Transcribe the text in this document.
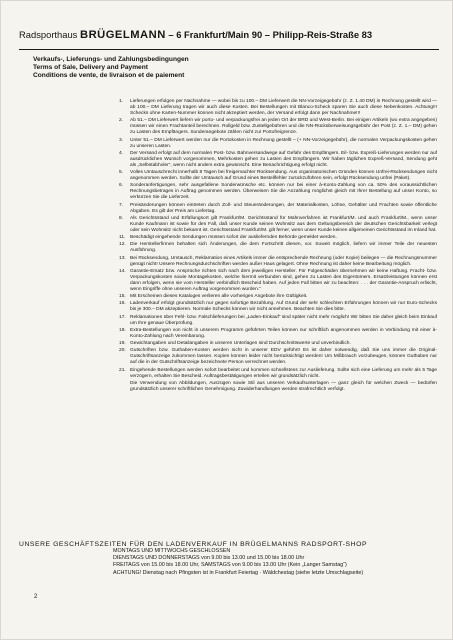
Radsporthaus BRÜGELMANN – 6 Frankfurt/Main 90 – Philipp-Reis-Straße 83
Verkaufs-, Lieferungs- und Zahlungsbedingungen
Terms of Sale, Delivery and Payment
Conditions de vente, de livraison et de paiement
1.	Lieferungen erfolgen per Nachnahme — wobei bis zu 100.– DM Lieferwert die NN-Vorzeigegebühr (z. Z. 1.40 DM) in Rechnung gestellt wird — ab 100.– DM Lieferung tragen wir auch diese Kosten. Bei Bestellungen mit Blanco-Scheck sparen Sie auch diese Nebenkosten. Achtung!!! Schecks ohne Karten-Nummer können nicht akzeptiert werden, der Versand erfolgt dann per Nachnahme!!!
2.	Ab 51.– DM Lieferwert liefern wir porto- und verpackungsfrei an jeden Ort der BRD und West-Berlin. Bei einigen Artikeln (wo extra angegeben) müssen wir einen Frachtanteil berechnen. Rollgeld bzw. Zustellgebühren und die NN-Rücküberweisungsgebühr der Post (z. Z. 1.– DM) gehen zu Lasten des Empfängers. Sonderangebote zählen nicht zur Portofreigrenze.
3.	Unter 51.– DM Lieferwert werden nur die Portokosten in Rechnung gestellt – (+ NN-Vorzeigegebühr), die normalen Verpackungskosten gehen zu unseren Lasten.
4.	Der Versand erfolgt auf dem normalen Post- bzw. Bahnversandwege auf Gefahr des Empfängers. Eil- bzw. Expreß-Lieferungen werden nur auf ausdrücklichen Wunsch vorgenommen, Mehrkosten gehen zu Lasten des Empfängers. Wir haben täglichen Expreß-Versand, Sendung geht als „Selbstabholer“, wenn nicht anders extra gewünscht. Eine Benachrichtigung erfolgt nicht.
5.	Volles Umtauschrecht innerhalb 8 Tagen bei freigemachter Rücksendung. Aus organisatorischen Gründen können Unfrei-Rücksendungen nicht angenommen werden. Sollte der Umtausch auf Grund eines Bestellfehler zurückzuführen sein, erfolgt Rücksendung unfrei (Paket).
6.	Sonderanfertigungen, sehr ausgefallene Sonderwünsche etc. können nur bei einer à-Konto-Zahlung von ca. 50% des voraussichtlichen Rechnungsbetrages in Auftrag genommen werden. Überweisen Sie die Anzahlung möglichst gleich mit Ihrer Bestellung auf unser Konto, so verkürzen Sie die Lieferzeit.
7.	Preisänderungen können eintreten durch Zoll- und Steueränderungen, der Materialkosten, Löhne, Gehälter und Frachten sowie öffentliche Abgaben. Es gilt der Preis am Liefertag.
8.	Als Gerichtsstand und Erfüllungsort gilt Frankfurt/M. Gerichtsstand für Mahnverfahren ist Frankfurt/M. und auch Frankfurt/M., wenn unser Kunde Kaufmann ist sowie für den Fall, daß unser Kunde seinen Wohnsitz aus dem Geltungsbereich der deutschen Gerichtsbarkeit verlegt oder sein Wohnsitz nicht bekannt ist. Gerichtsstand Frankfurt/M. gilt ferner, wenn unser Kunde keinen allgemeinen Gerichtsstand im Inland hat.
11. Beschädigt eingehende Sendungen müssen sofort der ausliefernden Behörde gemeldet werden.
12. Die Herstellerfirmen behalten sich Änderungen, die dem Fortschritt dienen, vor. Soweit möglich, liefern wir immer Teile der neuesten Ausführung.
13. Bei Rücksendung, Umtausch, Reklamation eines Artikels immer die entsprechende Rechnung (oder Kopie) beilegen — die Rechnungsnummer genügt nicht! Unsere Rechnungsdurchschriften werden außer Haus gelagert. Ohne Rechnung ist daher keine Bearbeitung möglich.
14. Garantie-Ersatz bzw. Ansprüche richten sich nach dem jeweiligen Hersteller. Für Folgeschäden übernehmen wir keine Haftung. Fracht- bzw. Verpackungskosten sowie Montagekosten, welche hiermit verbunden sind, gehen zu Lasten des Eigentümers. Ersatzleistungen können erst dann erfolgen, wenn sie vom Hersteller verbindlich Bescheid haben. Auf jeden Fall bitten wir zu beachten: . . . der Garantie-Anspruch erlischt, wenn Eingriffe ohne unseren Auftrag vorgenommen wurden.“
15. Mit Erscheinen dieses Kataloges verlieren alle vorherigen Angebote ihre Gültigkeit.
16. Ladenverkauf erfolgt grundsätzlich nur gegen sofortige Bezahlung. Auf Grund der sehr schlechten Erfahrungen können wir nur Euro-Schecks bis je 300.– DM akzeptieren. Normale Schecks können wir nicht annehmen. Beachten Sie dies bitte.
17. Reklamationen über Fehl- bzw. Falschlieferungen bei „Laden-Einkauf“ sind später nicht mehr möglich! Wir bitten Sie daher gleich beim Einkauf um Ihre genaue Überprüfung.
18. Extra-Bestellungen von nicht in unserem Programm geführten Teilen können nur schriftlich angenommen werden in Verbindung mit einer à-Konto-Zahlung nach Vereinbarung.
19. Gewichtangaben und Detailangaben in unseren Unterlagen sind Durchschnittswerte und unverbindlich.
20. Gutschriften bzw. Guthaben-Konten werden nicht in unserer EDV geführt! Es ist daher notwendig, daß Sie uns immer die Original-Gutschriftsanzeige zukommen lassen. Kopien können leider nicht berücksichtigt werden! Um Mißbrauch vorzubeugen, können Guthaben nur auf die in der Gutschriftsanzeige bezeichnete Person verrechnet werden.
21. Eingehende Bestellungen werden sofort bearbeitet und kommen schnellstens zur Auslieferung. Sollte sich eine Lieferung um mehr als 5 Tage verzögern, erhalten Sie Bescheid. Auftragsbestätigungen erteilen wir grundsätzlich nicht.
Die Verwendung von Abbildungen, Auszügen sowie Stil aus unseren Verkaufsunterlagen — ganz gleich für welchen Zweck — bedürfen grundsätzlich unserer schriftlichen Genehmigung. Zuwiderhandlungen werden strafrechtlich verfolgt.
UNSERE GESCHÄFTSZEITEN FÜR DEN LADENVERKAUF IN BRÜGELMANNS RADSPORT-SHOP
MONTAGS UND MITTWOCHS GESCHLOSSEN
DIENSTAGS UND DONNERSTAGS von 9.00 bis 13.00 und 15.00 bis 18.00 Uhr
FREITAGS von 15.00 bis 18.00 Uhr, SAMSTAGS von 9.00 bis 13.00 Uhr (Kein „Langer Samstag“)
ACHTUNG! Dienstag nach Pfingsten ist in Frankfurt Feiertag · Wäldchestag (siehe letzte Umschlagseite)
2
